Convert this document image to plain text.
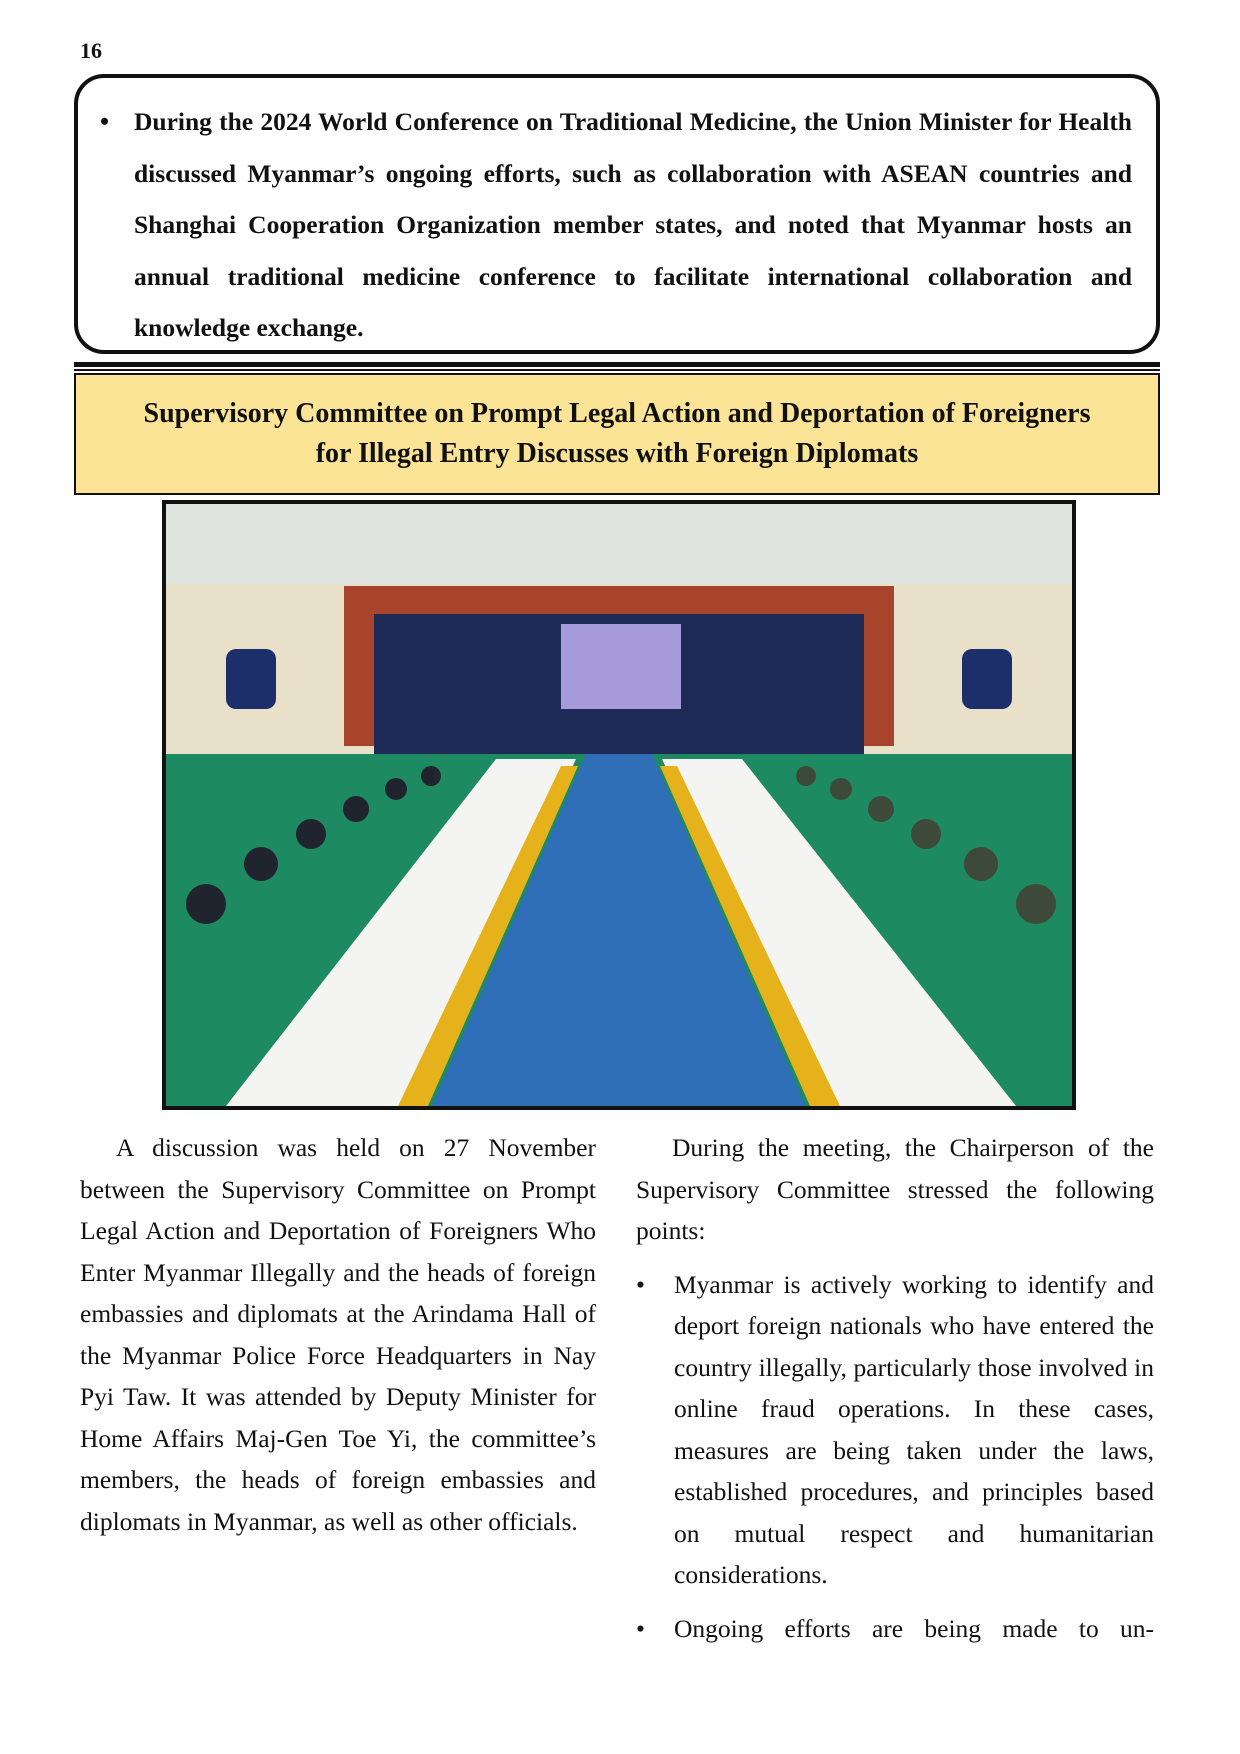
16
• During the 2024 World Conference on Traditional Medicine, the Union Minister for Health discussed Myanmar’s ongoing efforts, such as collaboration with ASEAN countries and Shanghai Cooperation Organization member states, and noted that Myanmar hosts an annual traditional medicine conference to facilitate international collaboration and knowledge exchange.
Supervisory Committee on Prompt Legal Action and Deportation of Foreigners
for Illegal Entry Discusses with Foreign Diplomats

A discussion was held on 27 November between the Supervisory Committee on Prompt Legal Action and Deportation of Foreigners Who Enter Myanmar Illegally and the heads of foreign embassies and diplomats at the Arindama Hall of the Myanmar Police Force Headquarters in Nay Pyi Taw. It was attended by Deputy Minister for Home Affairs Maj-Gen Toe Yi, the committee’s members, the heads of foreign embassies and diplomats in Myanmar, as well as other officials.

During the meeting, the Chairperson of the Supervisory Committee stressed the following points:

• Myanmar is actively working to identify and deport foreign nationals who have entered the country illegally, particularly those involved in online fraud operations. In these cases, measures are being taken under the laws, established procedures, and principles based on mutual respect and humanitarian considerations.
• Ongoing efforts are being made to un-
